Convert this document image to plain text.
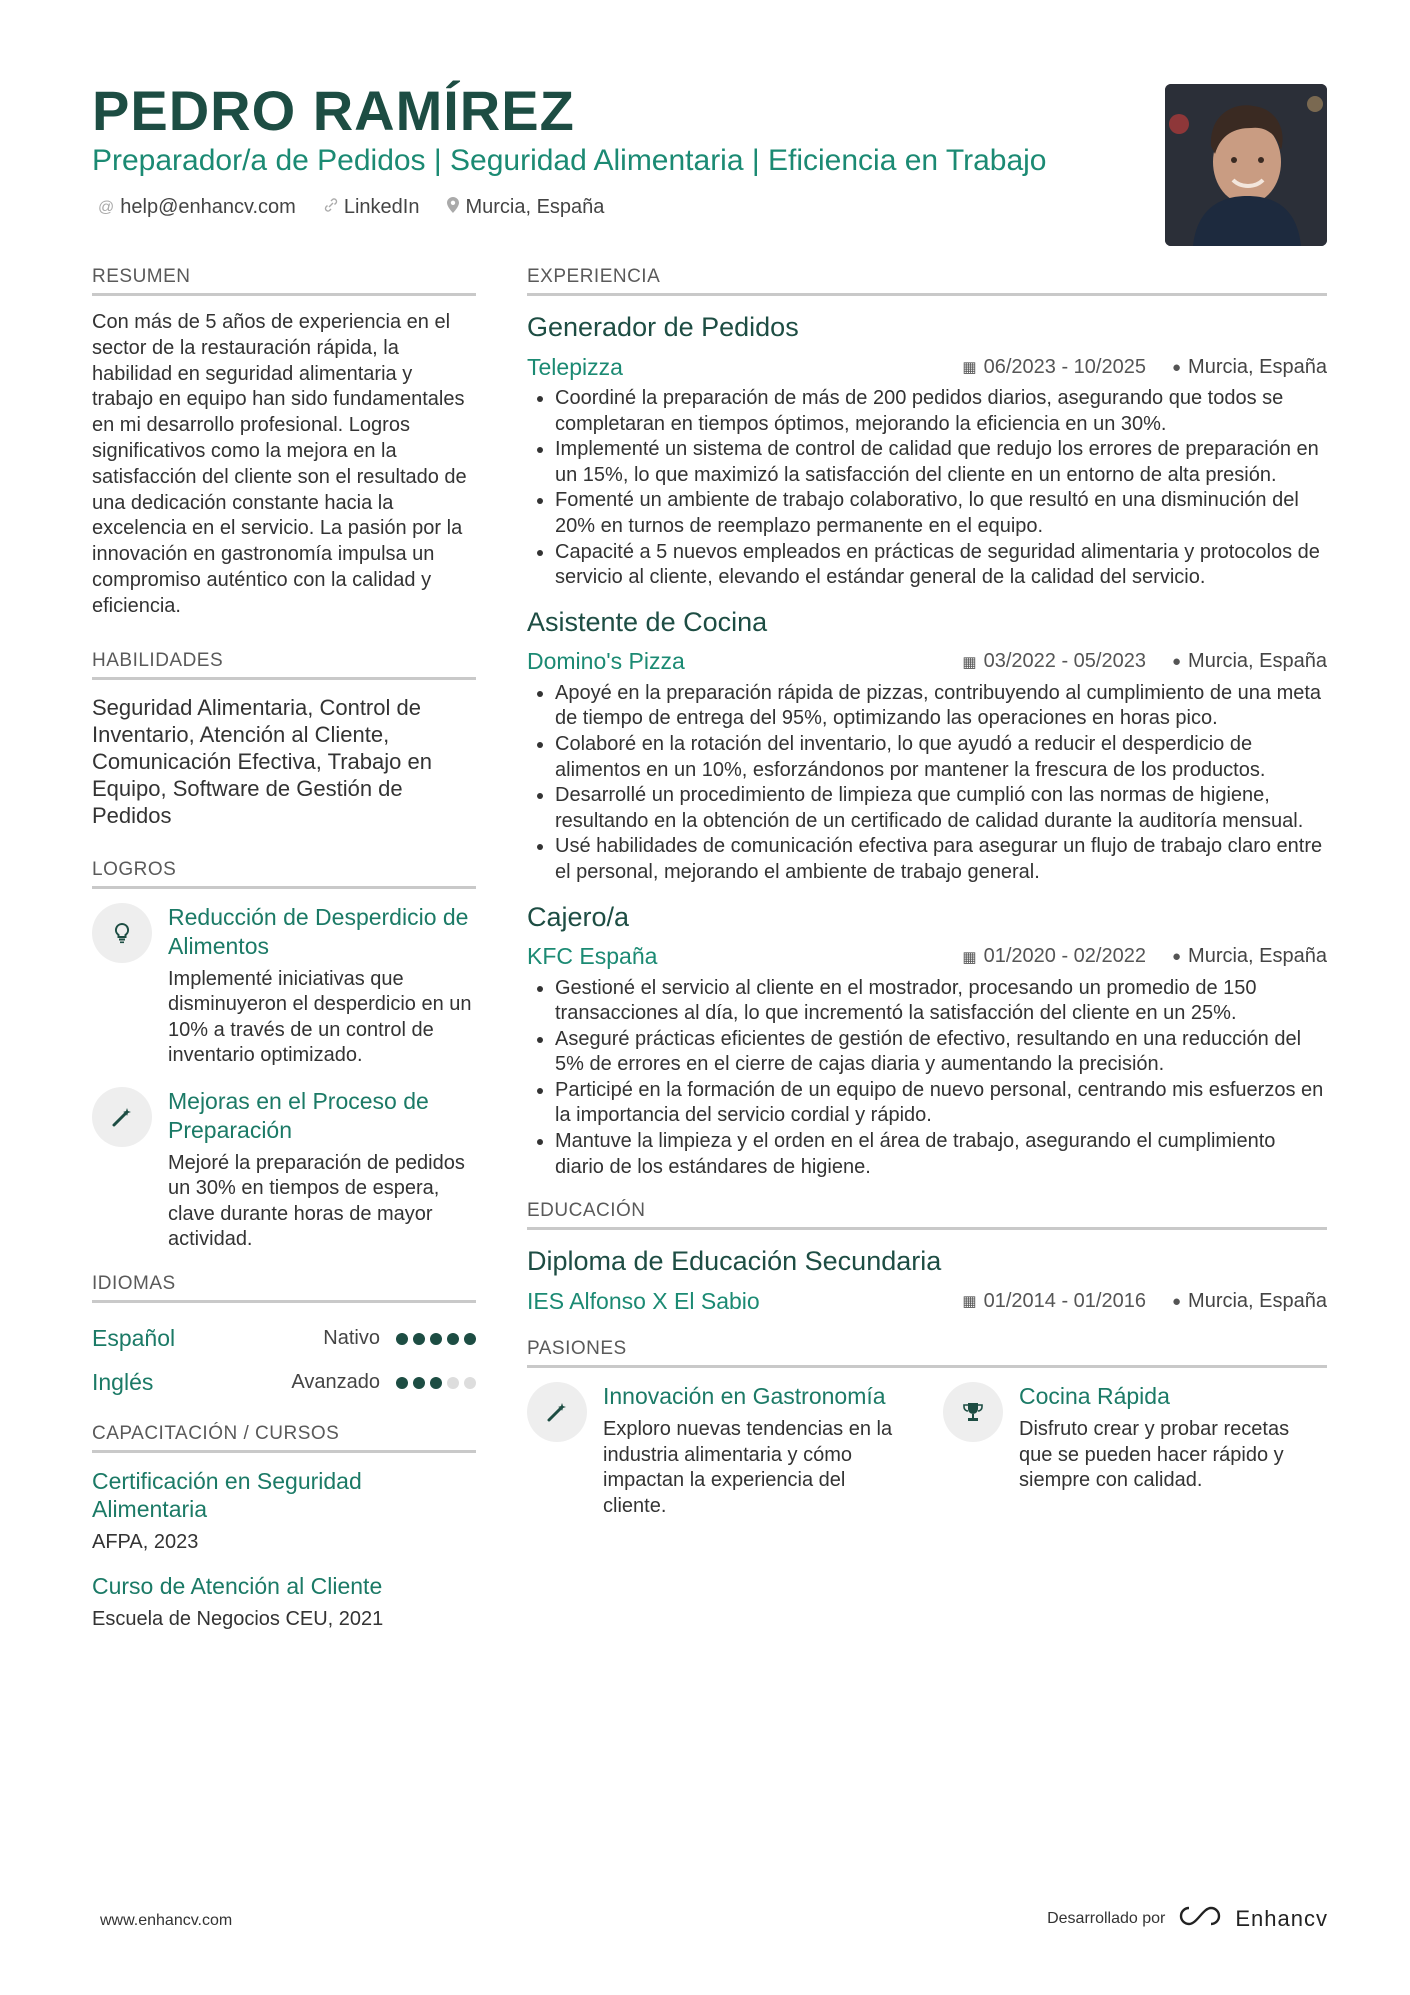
PEDRO RAMÍREZ
Preparador/a de Pedidos | Seguridad Alimentaria | Eficiencia en Trabajo
@ help@enhancv.com LinkedIn Murcia, España
RESUMEN

Con más de 5 años de experiencia en el sector de la restauración rápida, la habilidad en seguridad alimentaria y trabajo en equipo han sido fundamentales en mi desarrollo profesional. Logros significativos como la mejora en la satisfacción del cliente son el resultado de una dedicación constante hacia la excelencia en el servicio. La pasión por la innovación en gastronomía impulsa un compromiso auténtico con la calidad y eficiencia.

HABILIDADES

Seguridad Alimentaria, Control de Inventario, Atención al Cliente, Comunicación Efectiva, Trabajo en Equipo, Software de Gestión de Pedidos

LOGROS
Reducción de Desperdicio de Alimentos
Implementé iniciativas que disminuyeron el desperdicio en un 10% a través de un control de inventario optimizado.
Mejoras en el Proceso de Preparación
Mejoré la preparación de pedidos un 30% en tiempos de espera, clave durante horas de mayor actividad.
IDIOMAS
Español	Nativo
Inglés	Avanzado
CAPACITACIÓN / CURSOS
Certificación en Seguridad Alimentaria
AFPA, 2023
Curso de Atención al Cliente
Escuela de Negocios CEU, 2021
EXPERIENCIA
Generador de Pedidos
Telepizza	▦ 06/2023 - 10/2025 ● Murcia, España
• Coordiné la preparación de más de 200 pedidos diarios, asegurando que todos se completaran en tiempos óptimos, mejorando la eficiencia en un 30%.
• Implementé un sistema de control de calidad que redujo los errores de preparación en un 15%, lo que maximizó la satisfacción del cliente en un entorno de alta presión.
• Fomenté un ambiente de trabajo colaborativo, lo que resultó en una disminución del 20% en turnos de reemplazo permanente en el equipo.
• Capacité a 5 nuevos empleados en prácticas de seguridad alimentaria y protocolos de servicio al cliente, elevando el estándar general de la calidad del servicio.
Asistente de Cocina
Domino's Pizza	▦ 03/2022 - 05/2023 ● Murcia, España
• Apoyé en la preparación rápida de pizzas, contribuyendo al cumplimiento de una meta de tiempo de entrega del 95%, optimizando las operaciones en horas pico.
• Colaboré en la rotación del inventario, lo que ayudó a reducir el desperdicio de alimentos en un 10%, esforzándonos por mantener la frescura de los productos.
• Desarrollé un procedimiento de limpieza que cumplió con las normas de higiene, resultando en la obtención de un certificado de calidad durante la auditoría mensual.
• Usé habilidades de comunicación efectiva para asegurar un flujo de trabajo claro entre el personal, mejorando el ambiente de trabajo general.
Cajero/a
KFC España	▦ 01/2020 - 02/2022 ● Murcia, España
• Gestioné el servicio al cliente en el mostrador, procesando un promedio de 150 transacciones al día, lo que incrementó la satisfacción del cliente en un 25%.
• Aseguré prácticas eficientes de gestión de efectivo, resultando en una reducción del 5% de errores en el cierre de cajas diaria y aumentando la precisión.
• Participé en la formación de un equipo de nuevo personal, centrando mis esfuerzos en la importancia del servicio cordial y rápido.
• Mantuve la limpieza y el orden en el área de trabajo, asegurando el cumplimiento diario de los estándares de higiene.
EDUCACIÓN
Diploma de Educación Secundaria
IES Alfonso X El Sabio	▦ 01/2014 - 01/2016 ● Murcia, España
PASIONES
Innovación en Gastronomía
Exploro nuevas tendencias en la industria alimentaria y cómo impactan la experiencia del cliente.
Cocina Rápida
Disfruto crear y probar recetas que se pueden hacer rápido y siempre con calidad.
www.enhancv.com	Desarrollado por	Enhancv
